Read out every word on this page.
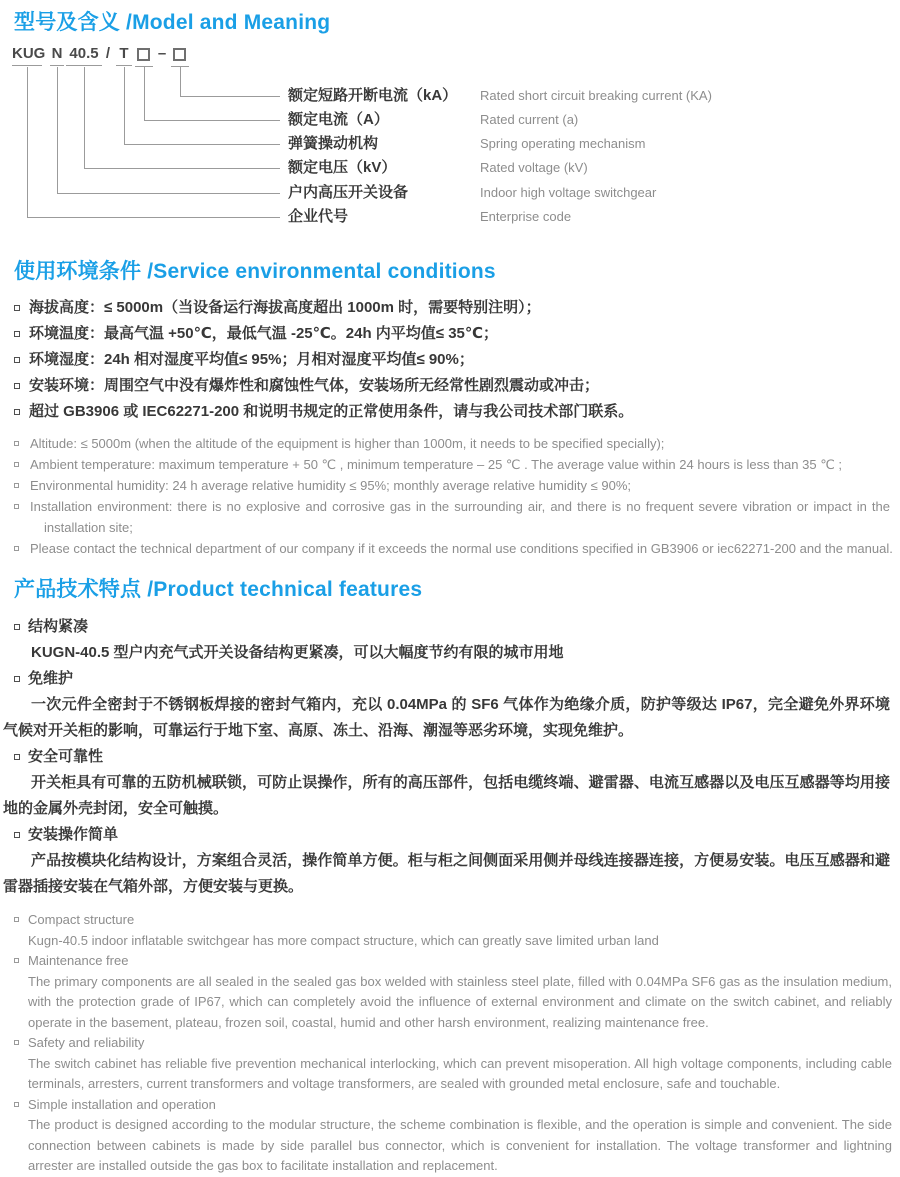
型号及含义 /Model and Meaning
KUG N 40.5 / T –
额定短路开断电流（kA） Rated short circuit breaking current (KA)
额定电流（A）	Rated current (a)
弹簧操动机构	Spring operating mechanism
额定电压（kV）	Rated voltage (kV)
户内高压开关设备	Indoor high voltage switchgear
企业代号	Enterprise code
使用环境条件 /Service environmental conditions
海拔高度：≤ 5000m（当设备运行海拔高度超出 1000m 时，需要特别注明）；
环境温度：最高气温 +50℃，最低气温 -25℃。24h 内平均值≤ 35℃；
环境湿度：24h 相对湿度平均值≤ 95%；月相对湿度平均值≤ 90%；
安装环境：周围空气中没有爆炸性和腐蚀性气体，安装场所无经常性剧烈震动或冲击；
超过 GB3906 或 IEC62271-200 和说明书规定的正常使用条件，请与我公司技术部门联系。
Altitude: ≤ 5000m (when the altitude of the equipment is higher than 1000m, it needs to be specified specially);
Ambient temperature: maximum temperature + 50 ℃ , minimum temperature – 25 ℃ . The average value within 24 hours is less than 35 ℃ ;
Environmental humidity: 24 h average relative humidity ≤ 95%; monthly average relative humidity ≤ 90%;
Installation environment: there is no explosive and corrosive gas in the surrounding air, and there is no frequent severe vibration or impact in the installation site;
Please contact the technical department of our company if it exceeds the normal use conditions specified in GB3906 or iec62271-200 and the manual.
产品技术特点 /Product technical features
结构紧凑

KUGN-40.5 型户内充气式开关设备结构更紧凑，可以大幅度节约有限的城市用地

免维护

一次元件全密封于不锈钢板焊接的密封气箱内，充以 0.04MPa 的 SF6 气体作为绝缘介质，防护等级达 IP67，完全避免外界环境气候对开关柜的影响，可靠运行于地下室、高原、冻土、沿海、潮湿等恶劣环境，实现免维护。

安全可靠性

开关柜具有可靠的五防机械联锁，可防止误操作，所有的高压部件，包括电缆终端、避雷器、电流互感器以及电压互感器等均用接地的金属外壳封闭，安全可触摸。

安装操作简单

产品按模块化结构设计，方案组合灵活，操作简单方便。柜与柜之间侧面采用侧并母线连接器连接，方便易安装。电压互感器和避雷器插接安装在气箱外部，方便安装与更换。

Compact structure

Kugn-40.5 indoor inflatable switchgear has more compact structure, which can greatly save limited urban land

Maintenance free

The primary components are all sealed in the sealed gas box welded with stainless steel plate, filled with 0.04MPa SF6 gas as the insulation medium, with the protection grade of IP67, which can completely avoid the influence of external environment and climate on the switch cabinet, and reliably operate in the basement, plateau, frozen soil, coastal, humid and other harsh environment, realizing maintenance free.

Safety and reliability

The switch cabinet has reliable five prevention mechanical interlocking, which can prevent misoperation. All high voltage components, including cable terminals, arresters, current transformers and voltage transformers, are sealed with grounded metal enclosure, safe and touchable.

Simple installation and operation

The product is designed according to the modular structure, the scheme combination is flexible, and the operation is simple and convenient. The side connection between cabinets is made by side parallel bus connector, which is convenient for installation. The voltage transformer and lightning arrester are installed outside the gas box to facilitate installation and replacement.
